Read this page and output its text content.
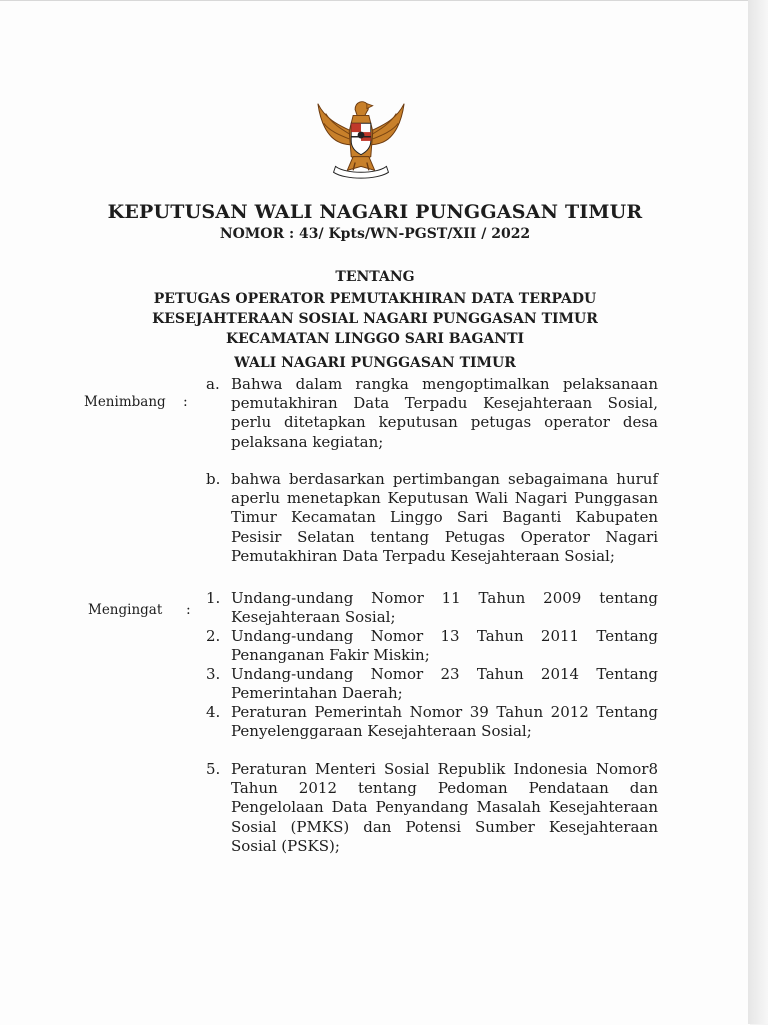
KEPUTUSAN WALI NAGARI PUNGGASAN TIMUR
NOMOR : 43/ Kpts/WN-PGST/XII / 2022
TENTANG
PETUGAS OPERATOR PEMUTAKHIRAN DATA TERPADU
KESEJAHTERAAN SOSIAL NAGARI PUNGGASAN TIMUR
KECAMATAN LINGGO SARI BAGANTI
WALI NAGARI PUNGGASAN TIMUR
Menimbang :
a. Bahwa dalam rangka mengoptimalkan pelaksanaan pemutakhiran Data Terpadu Kesejahteraan Sosial, perlu ditetapkan keputusan petugas operator desa pelaksana kegiatan;
b. bahwa berdasarkan pertimbangan sebagaimana huruf aperlu menetapkan Keputusan Wali Nagari Punggasan Timur Kecamatan Linggo Sari Baganti Kabupaten Pesisir Selatan tentang Petugas Operator Nagari Pemutakhiran Data Terpadu Kesejahteraan Sosial;
Mengingat :
1. Undang-undang Nomor 11 Tahun 2009 tentang Kesejahteraan Sosial;
2. Undang-undang Nomor 13 Tahun 2011 Tentang Penanganan Fakir Miskin;
3. Undang-undang Nomor 23 Tahun 2014 Tentang Pemerintahan Daerah;
4. Peraturan Pemerintah Nomor 39 Tahun 2012 Tentang Penyelenggaraan Kesejahteraan Sosial;
5. Peraturan Menteri Sosial Republik Indonesia Nomor8 Tahun 2012 tentang Pedoman Pendataan dan Pengelolaan Data Penyandang Masalah Kesejahteraan Sosial (PMKS) dan Potensi Sumber Kesejahteraan Sosial (PSKS);
